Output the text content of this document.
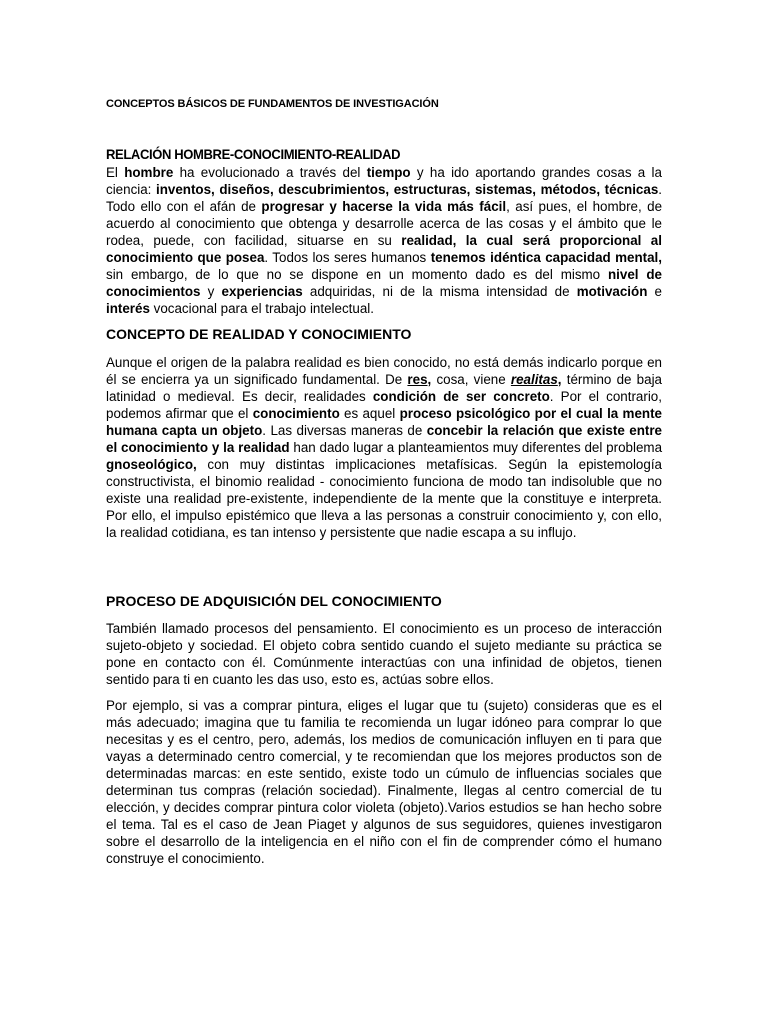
CONCEPTOS BÁSICOS DE FUNDAMENTOS DE INVESTIGACIÓN
RELACIÓN HOMBRE-CONOCIMIENTO-REALIDAD

El hombre ha evolucionado a través del tiempo y ha ido aportando grandes cosas a la ciencia: inventos, diseños, descubrimientos, estructuras, sistemas, métodos, técnicas. Todo ello con el afán de progresar y hacerse la vida más fácil, así pues, el hombre, de acuerdo al conocimiento que obtenga y desarrolle acerca de las cosas y el ámbito que le rodea, puede, con facilidad, situarse en su realidad, la cual será proporcional al conocimiento que posea. Todos los seres humanos tenemos idéntica capacidad mental, sin embargo, de lo que no se dispone en un momento dado es del mismo nivel de conocimientos y experiencias adquiridas, ni de la misma intensidad de motivación e interés vocacional para el trabajo intelectual.

CONCEPTO DE REALIDAD Y CONOCIMIENTO

Aunque el origen de la palabra realidad es bien conocido, no está demás indicarlo porque en él se encierra ya un significado fundamental. De res, cosa, viene realitas, término de baja latinidad o medieval. Es decir, realidades condición de ser concreto. Por el contrario, podemos afirmar que el conocimiento es aquel proceso psicológico por el cual la mente humana capta un objeto. Las diversas maneras de concebir la relación que existe entre el conocimiento y la realidad han dado lugar a planteamientos muy diferentes del problema gnoseológico, con muy distintas implicaciones metafísicas. Según la epistemología constructivista, el binomio realidad - conocimiento funciona de modo tan indisoluble que no existe una realidad pre-existente, independiente de la mente que la constituye e interpreta. Por ello, el impulso epistémico que lleva a las personas a construir conocimiento y, con ello, la realidad cotidiana, es tan intenso y persistente que nadie escapa a su influjo.

PROCESO DE ADQUISICIÓN DEL CONOCIMIENTO

También llamado procesos del pensamiento. El conocimiento es un proceso de interacción sujeto-objeto y sociedad. El objeto cobra sentido cuando el sujeto mediante su práctica se pone en contacto con él. Comúnmente interactúas con una infinidad de objetos, tienen sentido para ti en cuanto les das uso, esto es, actúas sobre ellos.

Por ejemplo, si vas a comprar pintura, eliges el lugar que tu (sujeto) consideras que es el más adecuado; imagina que tu familia te recomienda un lugar idóneo para comprar lo que necesitas y es el centro, pero, además, los medios de comunicación influyen en ti para que vayas a determinado centro comercial, y te recomiendan que los mejores productos son de determinadas marcas: en este sentido, existe todo un cúmulo de influencias sociales que determinan tus compras (relación sociedad). Finalmente, llegas al centro comercial de tu elección, y decides comprar pintura color violeta (objeto).Varios estudios se han hecho sobre el tema. Tal es el caso de Jean Piaget y algunos de sus seguidores, quienes investigaron sobre el desarrollo de la inteligencia en el niño con el fin de comprender cómo el humano construye el conocimiento.
